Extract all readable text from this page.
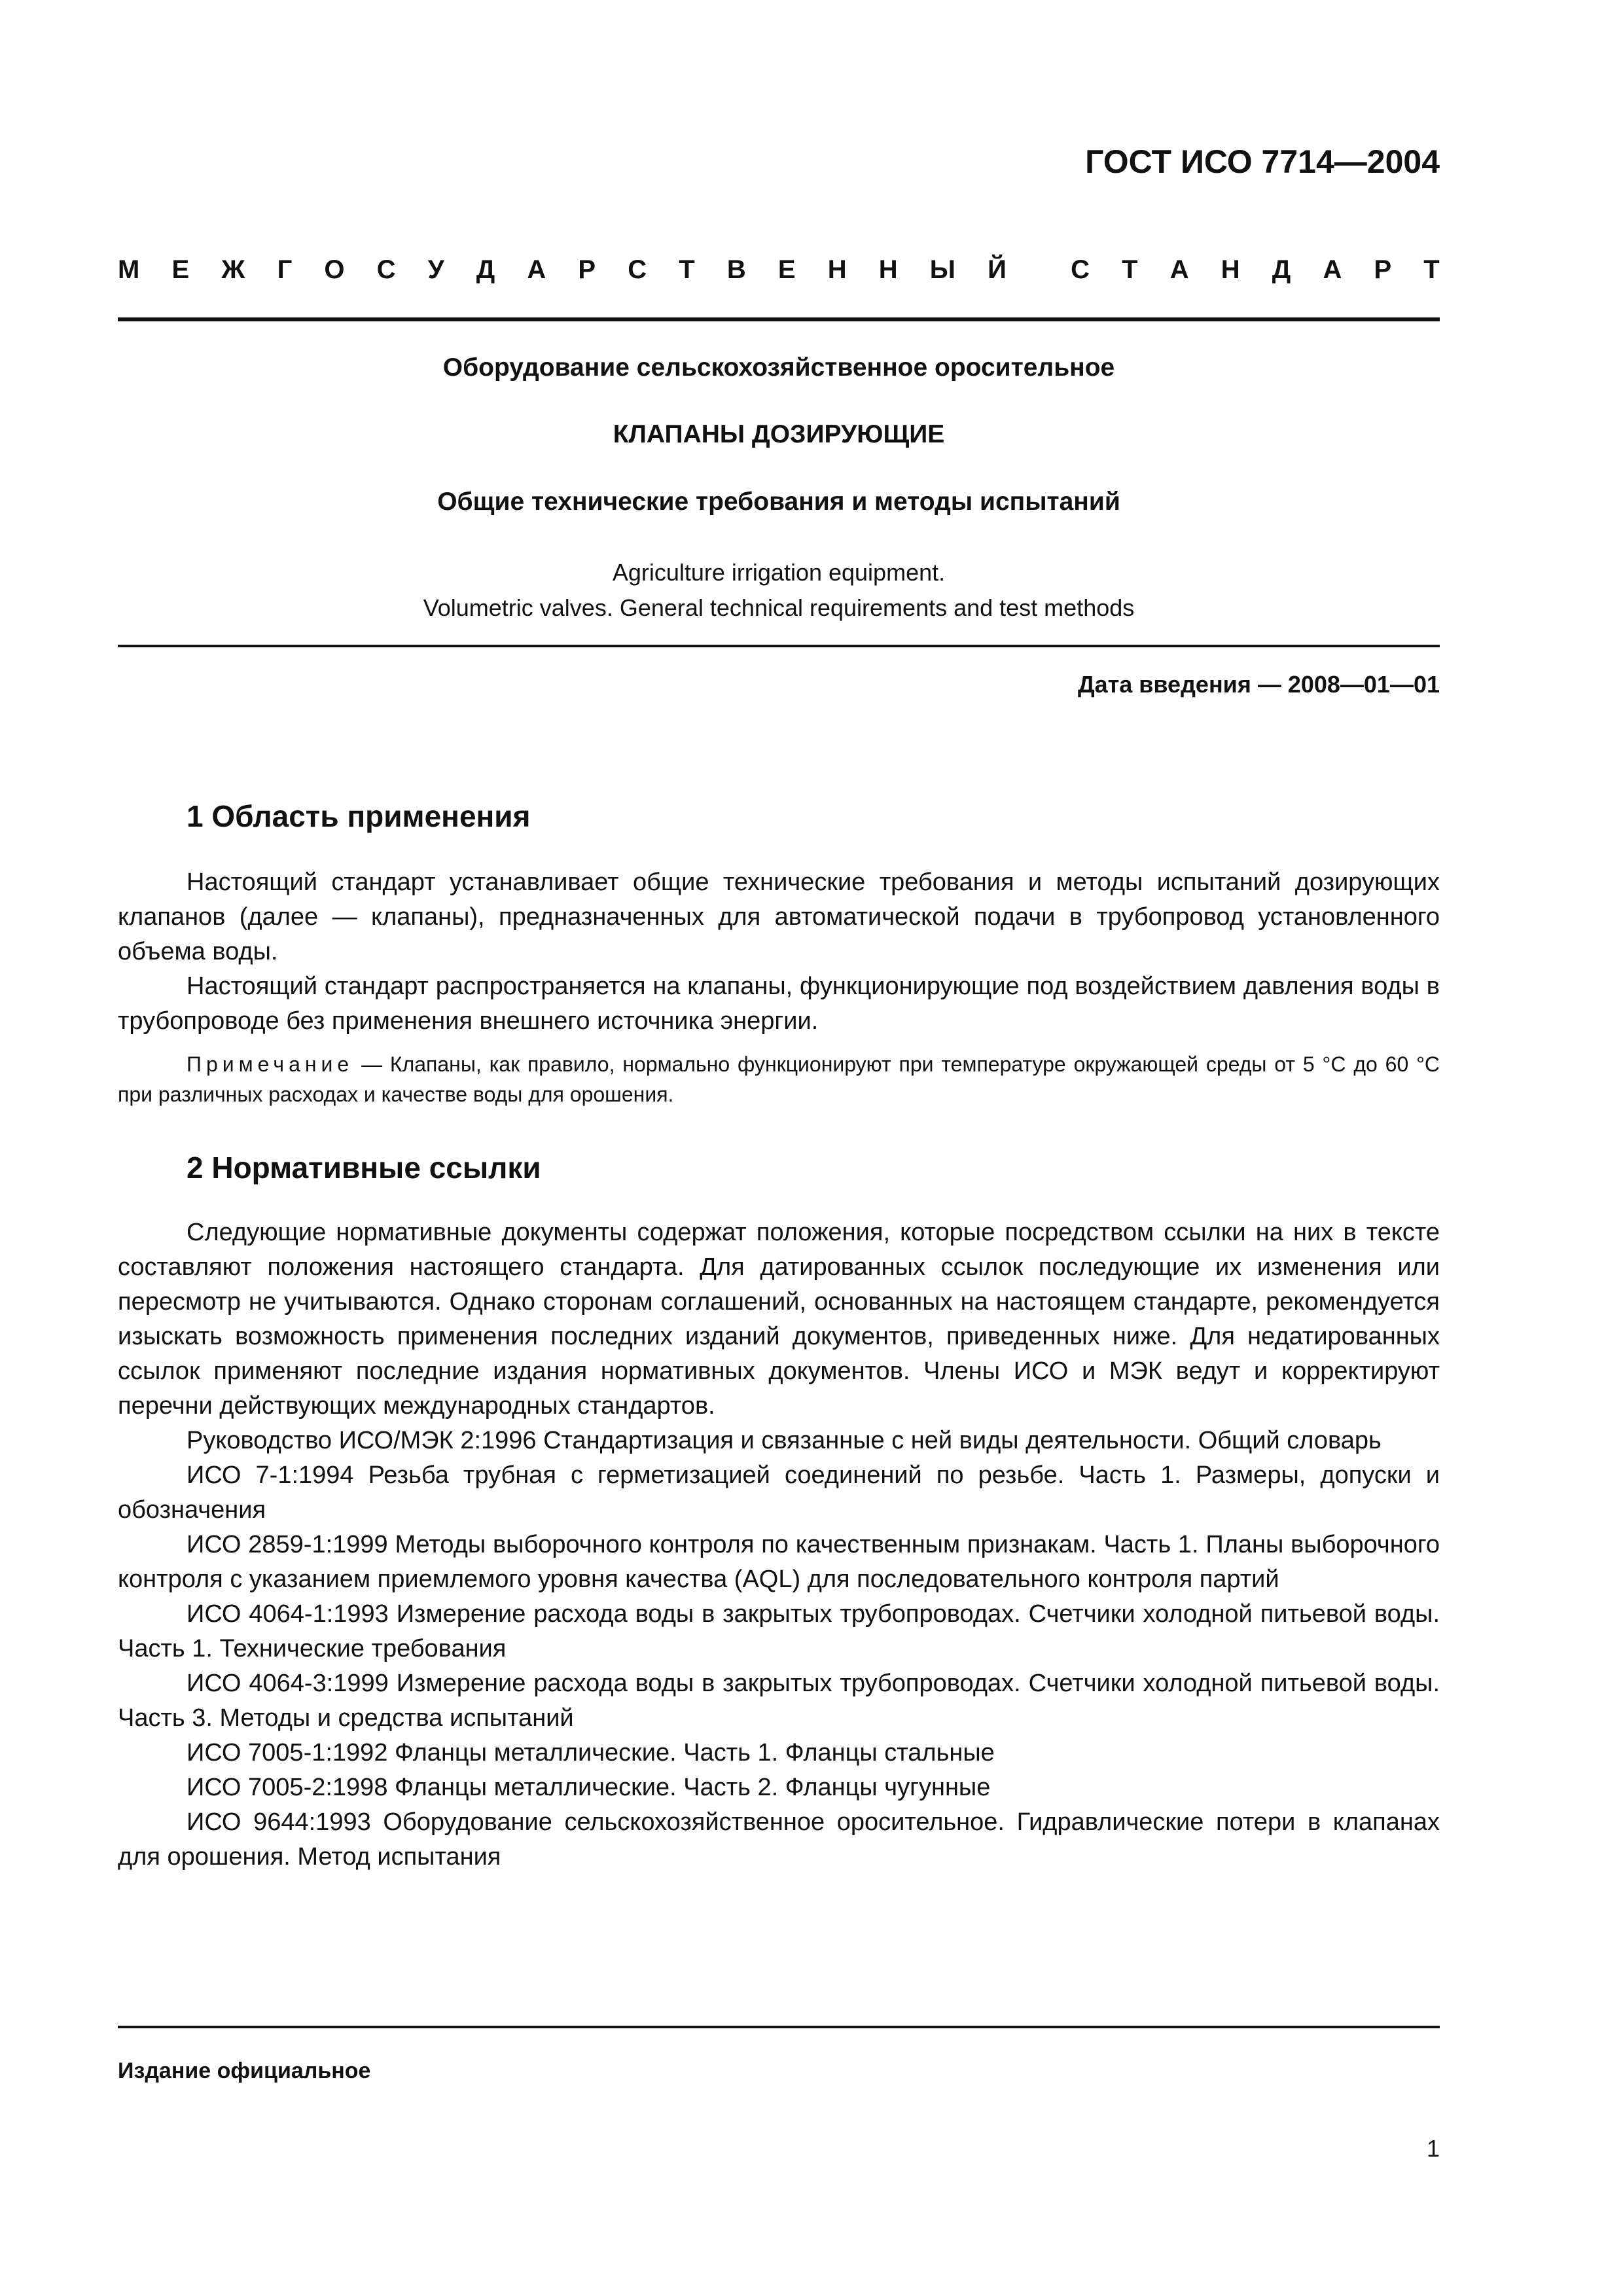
ГОСТ ИСО 7714—2004
М Е Ж Г О С У Д А Р С Т В Е Н Н Ы Й С Т А Н Д А Р Т
Оборудование сельскохозяйственное оросительное
КЛАПАНЫ ДОЗИРУЮЩИЕ
Общие технические требования и методы испытаний
Agriculture irrigation equipment.
Volumetric valves. General technical requirements and test methods
Дата введения — 2008—01—01
1 Область применения

Настоящий стандарт устанавливает общие технические требования и методы испытаний дозирующих клапанов (далее — клапаны), предназначенных для автоматической подачи в трубопровод установленного объема воды.

Настоящий стандарт распространяется на клапаны, функционирующие под воздействием давления воды в трубопроводе без применения внешнего источника энергии.

Примечание — Клапаны, как правило, нормально функционируют при температуре окружающей среды от 5 °С до 60 °С при различных расходах и качестве воды для орошения.

2 Нормативные ссылки

Следующие нормативные документы содержат положения, которые посредством ссылки на них в тексте составляют положения настоящего стандарта. Для датированных ссылок последующие их изменения или пересмотр не учитываются. Однако сторонам соглашений, основанных на настоящем стандарте, рекомендуется изыскать возможность применения последних изданий документов, приведенных ниже. Для недатированных ссылок применяют последние издания нормативных документов. Члены ИСО и МЭК ведут и корректируют перечни действующих международных стандартов.

Руководство ИСО/МЭК 2:1996 Стандартизация и связанные с ней виды деятельности. Общий словарь

ИСО 7-1:1994 Резьба трубная с герметизацией соединений по резьбе. Часть 1. Размеры, допуски и обозначения

ИСО 2859-1:1999 Методы выборочного контроля по качественным признакам. Часть 1. Планы выборочного контроля с указанием приемлемого уровня качества (AQL) для последовательного контроля партий

ИСО 4064-1:1993 Измерение расхода воды в закрытых трубопроводах. Счетчики холодной питьевой воды. Часть 1. Технические требования

ИСО 4064-3:1999 Измерение расхода воды в закрытых трубопроводах. Счетчики холодной питьевой воды. Часть 3. Методы и средства испытаний

ИСО 7005-1:1992 Фланцы металлические. Часть 1. Фланцы стальные

ИСО 7005-2:1998 Фланцы металлические. Часть 2. Фланцы чугунные

ИСО 9644:1993 Оборудование сельскохозяйственное оросительное. Гидравлические потери в клапанах для орошения. Метод испытания

Издание официальное
1
